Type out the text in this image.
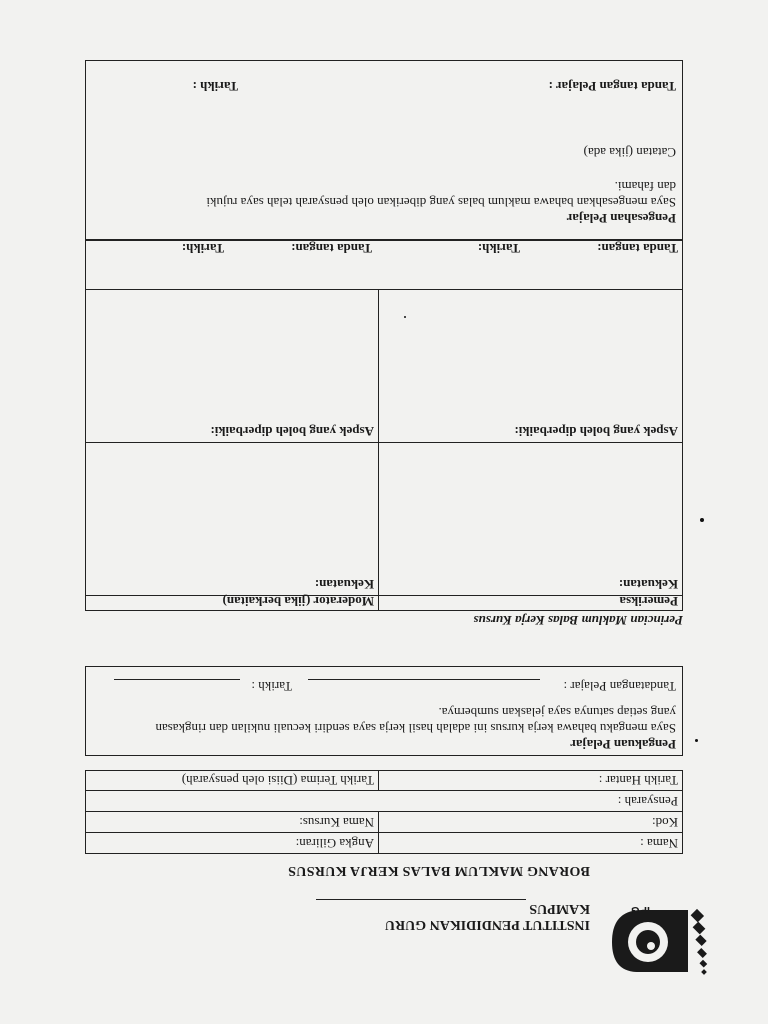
IPG
INSTITUT PENDIDIKAN GURU
KAMPUS
BORANG MAKLUM BALAS KERJA KURSUS
Nama :
Angka Giliran:
Kod:
Nama Kursus:
Pensyarah :
Tarikh Hantar :
Tarikh Terima (Diisi oleh pensyarah)
Pengakuan Pelajar
Saya mengaku bahawa kerja kursus ini adalah hasil kerja saya sendiri kecuali nukilan dan ringkasan
yang setiap satunya saya jelaskan sumbernya.
Tandatangan Pelajar :
Tarikh :
Perincian Maklum Balas Kerja Kursus
Pemeriksa
Moderator (jika berkaitan)
Kekuatan:
Kekuatan:
Aspek yang boleh diperbaiki:
Aspek yang boleh diperbaiki:
Tanda tangan:
Tarikh:
Tanda tangan:
Tarikh:
Pengesahan Pelajar
Saya mengesahkan bahawa maklum balas yang diberikan oleh pensyarah telah saya rujuki
dan fahami.
Catatan (jika ada)
Tanda tangan Pelajar :
Tarikh :
